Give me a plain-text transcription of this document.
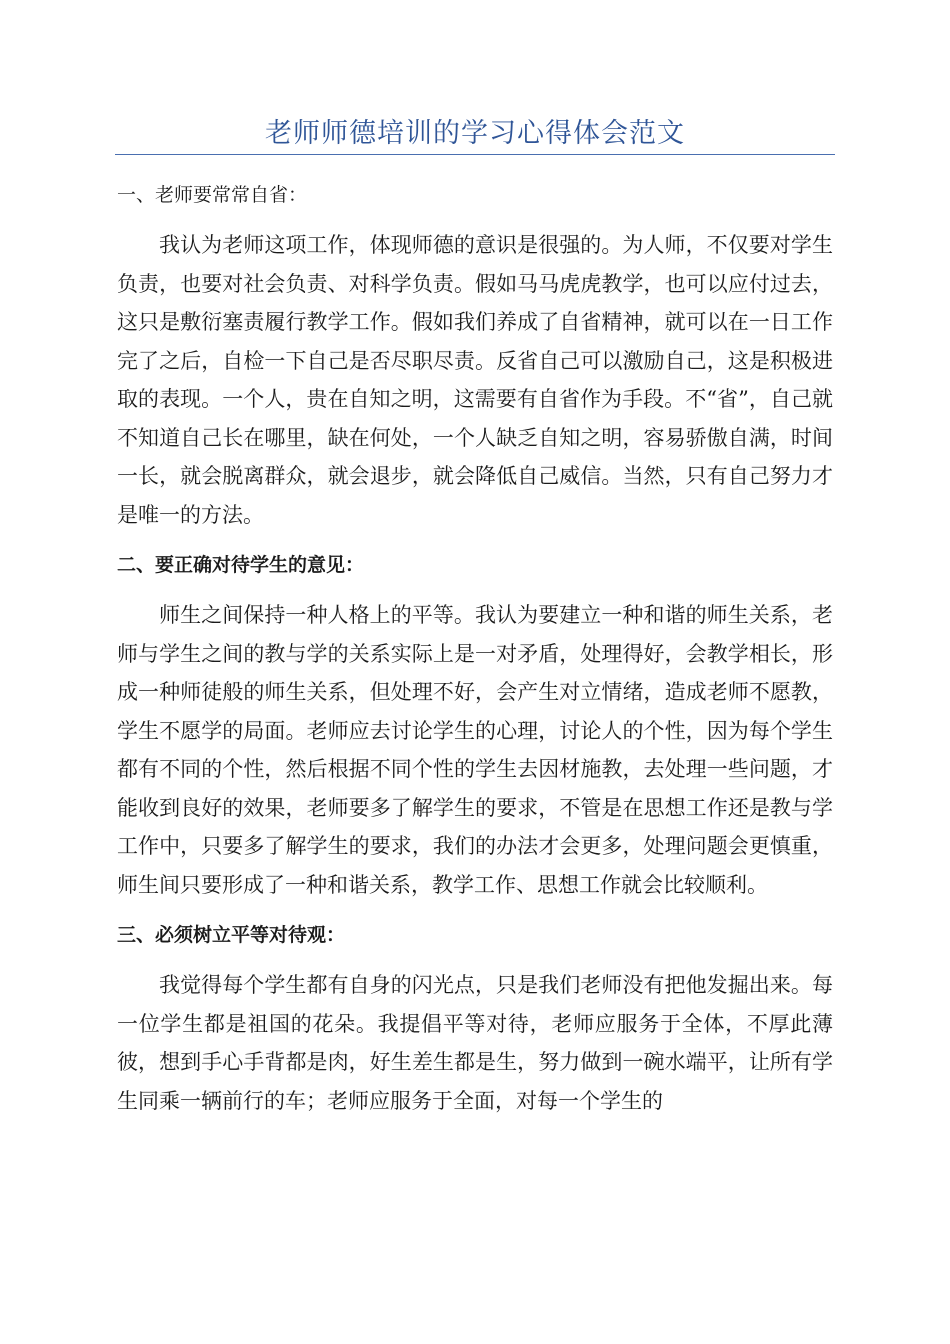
老师师德培训的学习心得体会范文
一、老师要常常自省：

我认为老师这项工作，体现师德的意识是很强的。为人师，不仅要对学生负责，也要对社会负责、对科学负责。假如马马虎虎教学，也可以应付过去，这只是敷衍塞责履行教学工作。假如我们养成了自省精神，就可以在一日工作完了之后，自检一下自己是否尽职尽责。反省自己可以激励自己，这是积极进取的表现。一个人，贵在自知之明，这需要有自省作为手段。不“省”，自己就不知道自己长在哪里，缺在何处，一个人缺乏自知之明，容易骄傲自满，时间一长，就会脱离群众，就会退步，就会降低自己威信。当然，只有自己努力才是唯一的方法。

二、要正确对待学生的意见：

师生之间保持一种人格上的平等。我认为要建立一种和谐的师生关系，老师与学生之间的教与学的关系实际上是一对矛盾，处理得好，会教学相长，形成一种师徒般的师生关系，但处理不好，会产生对立情绪，造成老师不愿教，学生不愿学的局面。老师应去讨论学生的心理，讨论人的个性，因为每个学生都有不同的个性，然后根据不同个性的学生去因材施教，去处理一些问题，才能收到良好的效果，老师要多了解学生的要求，不管是在思想工作还是教与学工作中，只要多了解学生的要求，我们的办法才会更多，处理问题会更慎重，师生间只要形成了一种和谐关系，教学工作、思想工作就会比较顺利。

三、必须树立平等对待观：

我觉得每个学生都有自身的闪光点，只是我们老师没有把他发掘出来。每一位学生都是祖国的花朵。我提倡平等对待，老师应服务于全体，不厚此薄彼，想到手心手背都是肉，好生差生都是生，努力做到一碗水端平，让所有学生同乘一辆前行的车；老师应服务于全面，对每一个学生的
